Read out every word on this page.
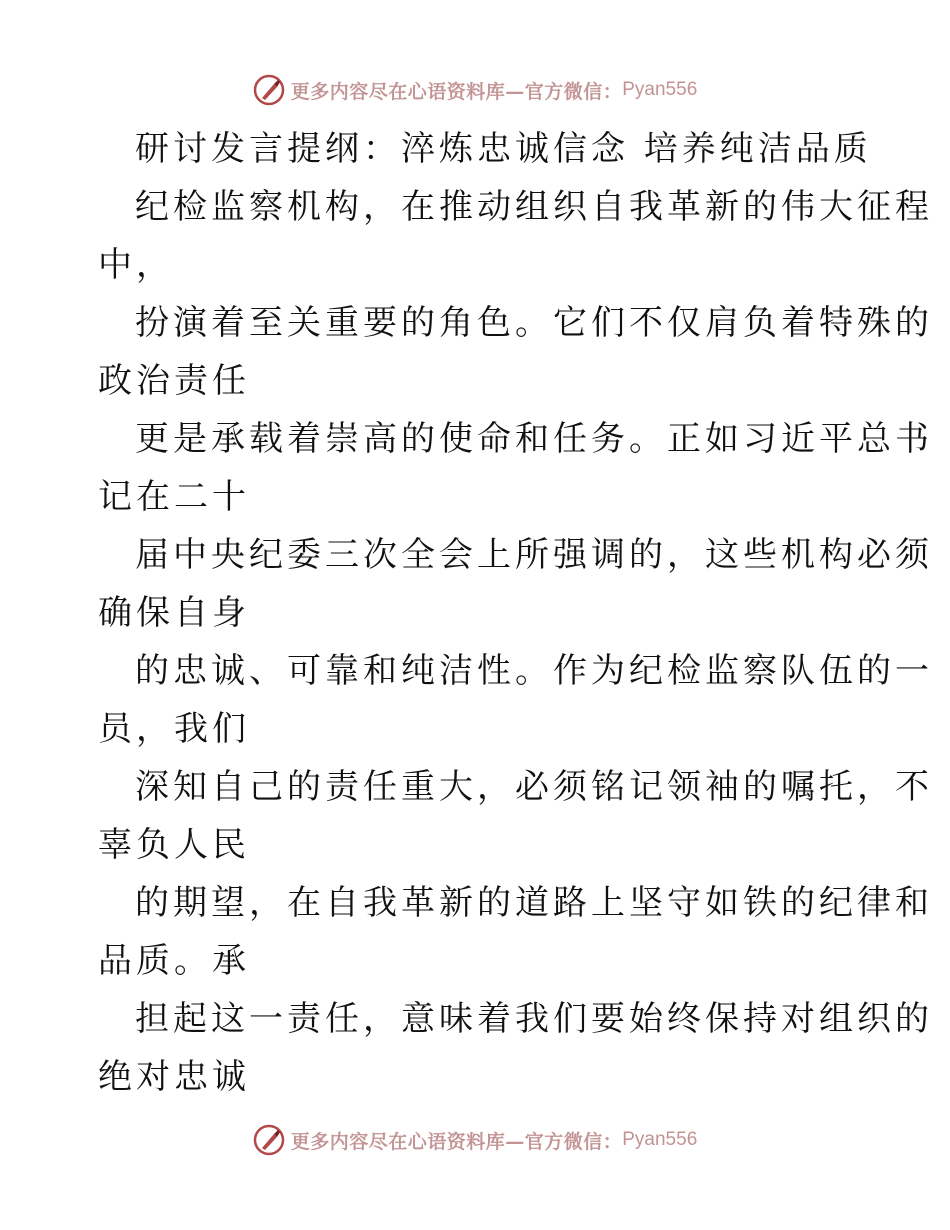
更多内容尽在心语资料库—官方微信： Pyan556
研讨发言提纲：淬炼忠诚信念 培养纯洁品质
纪检监察机构，在推动组织自我革新的伟大征程
中，
扮演着至关重要的角色。它们不仅肩负着特殊的
政治责任
更是承载着崇高的使命和任务。正如习近平总书
记在二十
届中央纪委三次全会上所强调的，这些机构必须
确保自身
的忠诚、可靠和纯洁性。作为纪检监察队伍的一
员，我们
深知自己的责任重大，必须铭记领袖的嘱托，不
辜负人民
的期望，在自我革新的道路上坚守如铁的纪律和
品质。承
担起这一责任，意味着我们要始终保持对组织的
绝对忠诚
更多内容尽在心语资料库—官方微信： Pyan556
